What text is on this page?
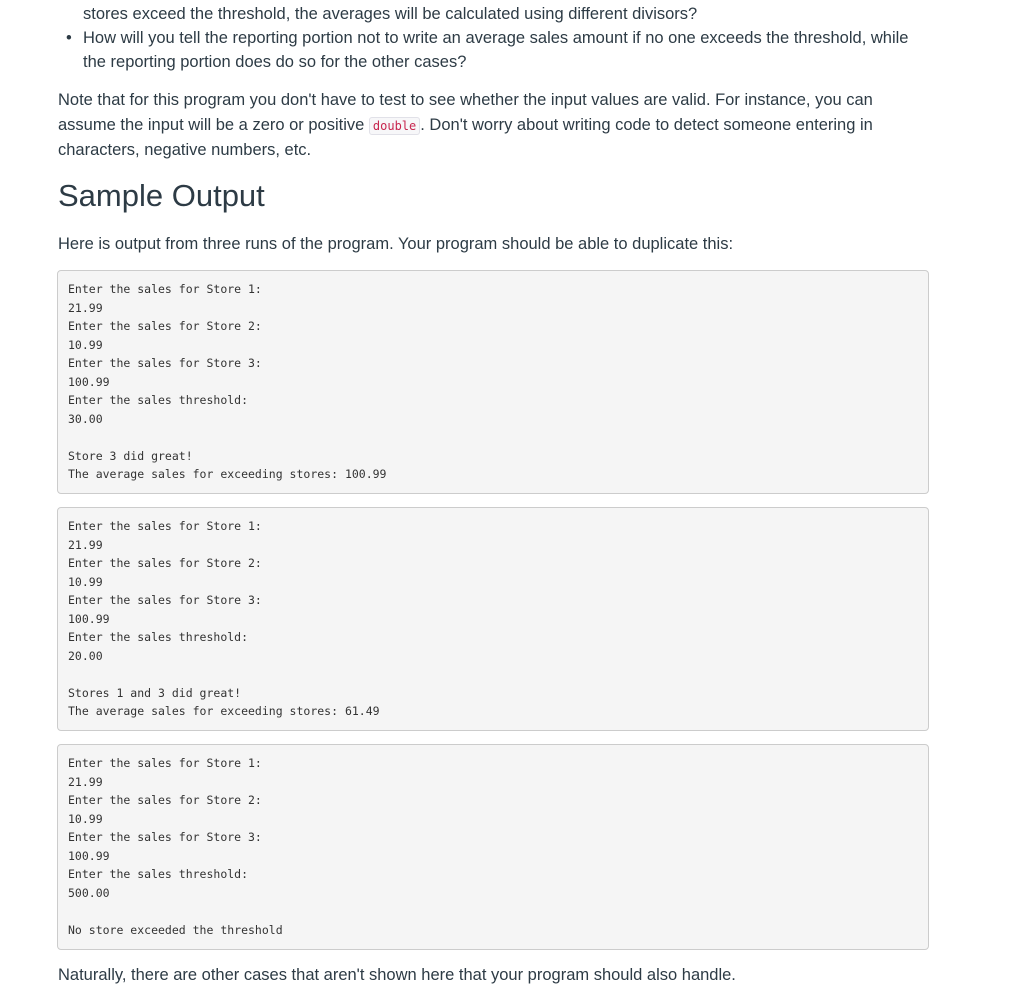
stores exceed the threshold, the averages will be calculated using different divisors?
• How will you tell the reporting portion not to write an average sales amount if no one exceeds the threshold, while
the reporting portion does do so for the other cases?

Note that for this program you don't have to test to see whether the input values are valid. For instance, you can
assume the input will be a zero or positive double . Don't worry about writing code to detect someone entering in
characters, negative numbers, etc.

Sample Output

Here is output from three runs of the program. Your program should be able to duplicate this:

Enter the sales for Store 1:
21.99
Enter the sales for Store 2:
10.99
Enter the sales for Store 3:
100.99
Enter the sales threshold:
30.00
Store 3 did great!
The average sales for exceeding stores: 100.99
Enter the sales for Store 1:
21.99
Enter the sales for Store 2:
10.99
Enter the sales for Store 3:
100.99
Enter the sales threshold:
20.00
Stores 1 and 3 did great!
The average sales for exceeding stores: 61.49
Enter the sales for Store 1:
21.99
Enter the sales for Store 2:
10.99
Enter the sales for Store 3:
100.99
Enter the sales threshold:
500.00
No store exceeded the threshold

Naturally, there are other cases that aren't shown here that your program should also handle.
